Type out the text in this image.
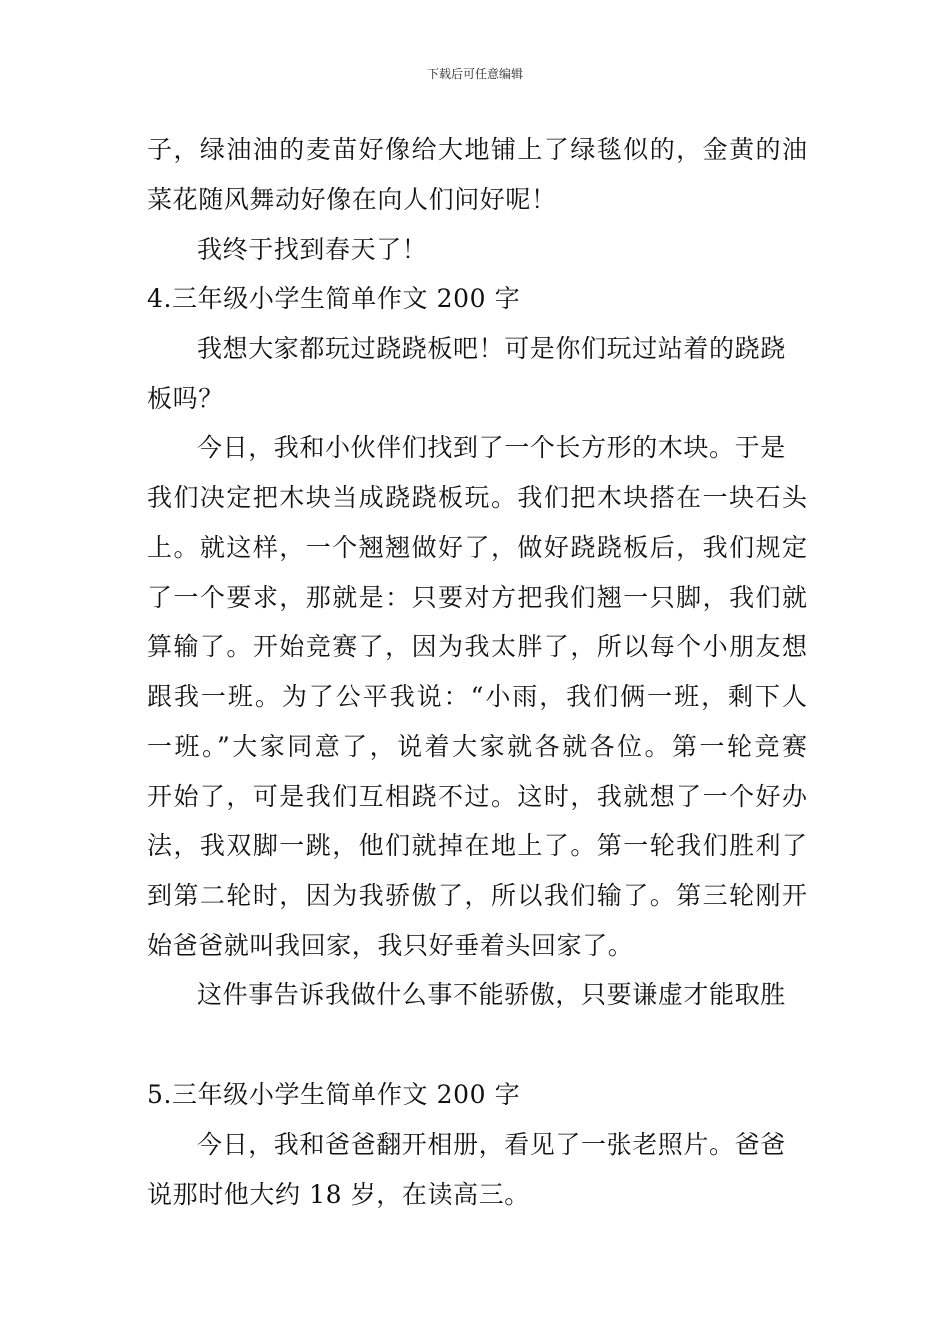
下载后可任意编辑
子，绿油油的麦苗好像给大地铺上了绿毯似的，金黄的油
菜花随风舞动好像在向人们问好呢！
我终于找到春天了！
4.三年级小学生简单作文 200 字
我想大家都玩过跷跷板吧！可是你们玩过站着的跷跷
板吗？
今日，我和小伙伴们找到了一个长方形的木块。于是
我们决定把木块当成跷跷板玩。我们把木块搭在一块石头
上。就这样，一个翘翘做好了，做好跷跷板后，我们规定
了一个要求，那就是：只要对方把我们翘一只脚，我们就
算输了。开始竞赛了，因为我太胖了，所以每个小朋友想
跟我一班。为了公平我说：“小雨，我们俩一班，剩下人
一班。”大家同意了，说着大家就各就各位。第一轮竞赛
开始了，可是我们互相跷不过。这时，我就想了一个好办
法，我双脚一跳，他们就掉在地上了。第一轮我们胜利了
到第二轮时，因为我骄傲了，所以我们输了。第三轮刚开
始爸爸就叫我回家，我只好垂着头回家了。
这件事告诉我做什么事不能骄傲，只要谦虚才能取胜
5.三年级小学生简单作文 200 字
今日，我和爸爸翻开相册，看见了一张老照片。爸爸
说那时他大约 18 岁，在读高三。
